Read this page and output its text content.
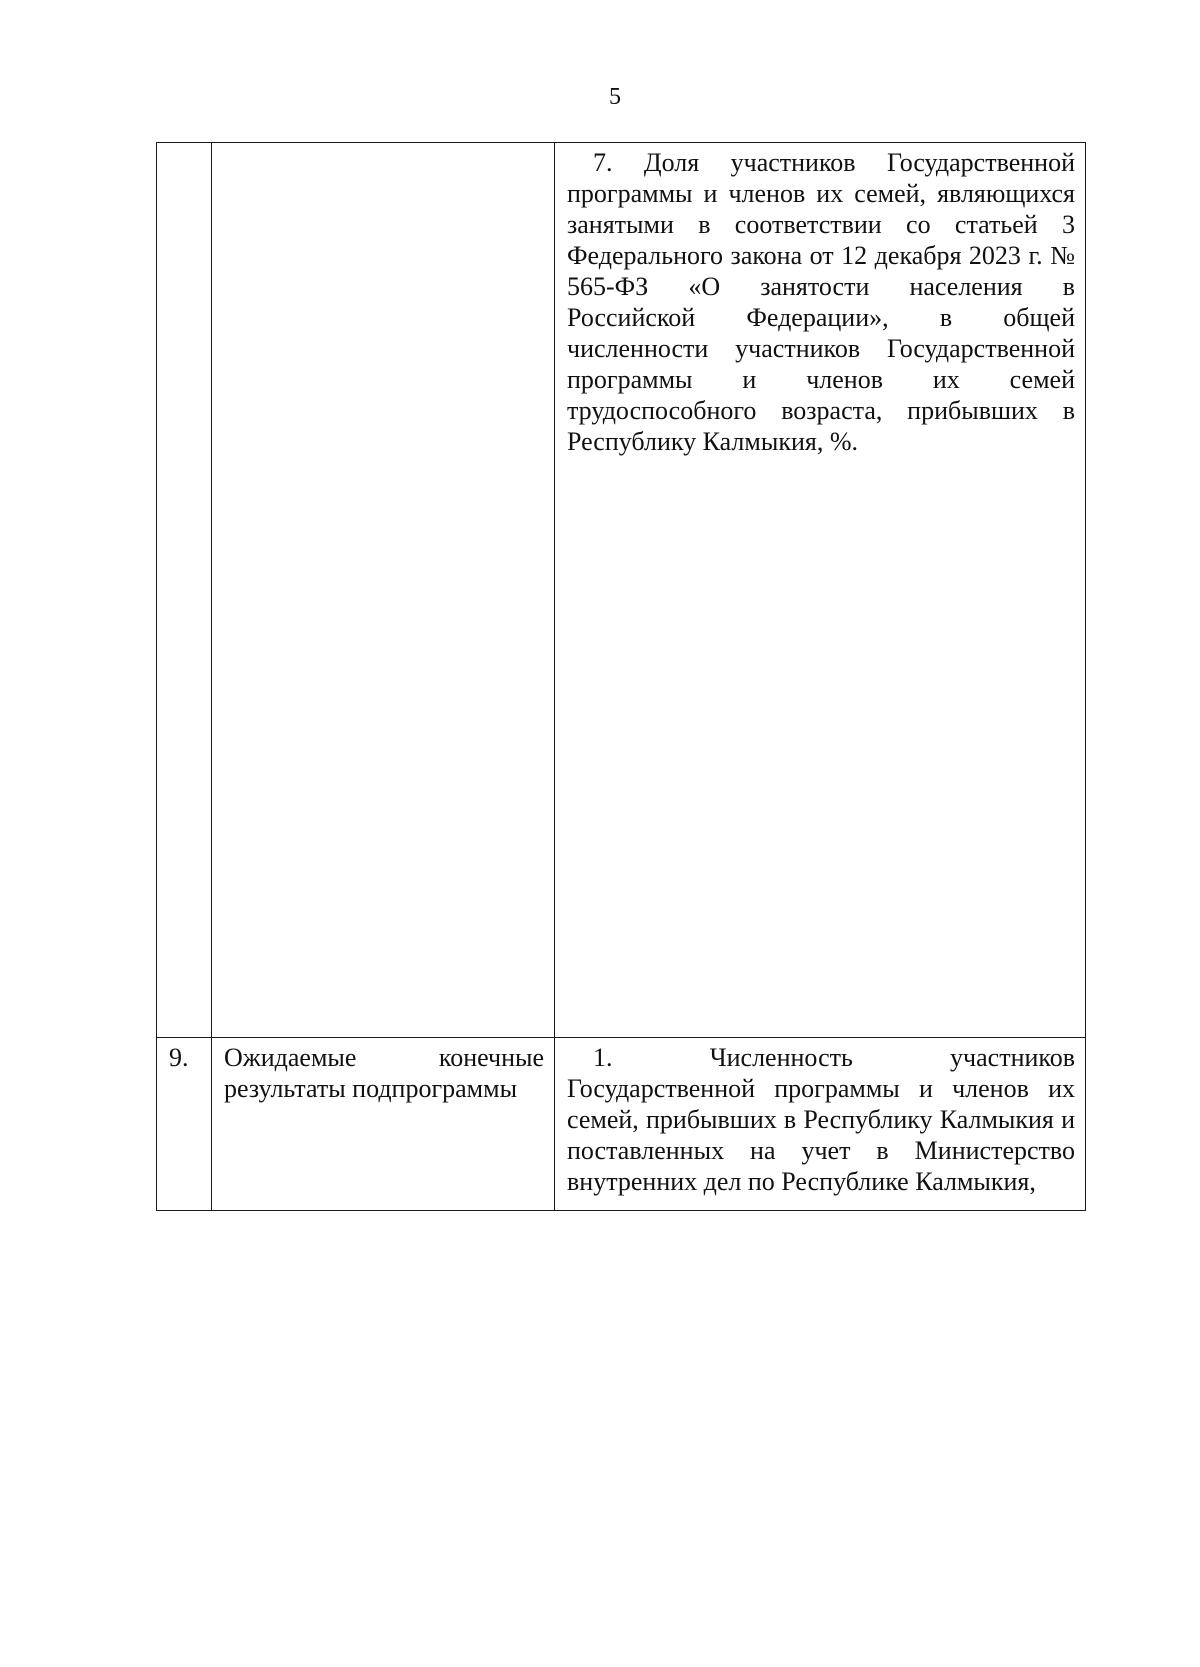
5
		7. Доля участников Государственной программы и членов их семей, являющихся занятыми в соответствии со статьей 3 Федерального закона от 12 декабря 2023 г. № 565-ФЗ «О занятости населения в Российской Федерации», в общей численности участников Государственной программы и членов их семей трудоспособного возраста, прибывших в Республику Калмыкия, %.
9.	Ожидаемые конечные результаты подпрограммы	1. Численность участников Государственной программы и членов их семей, прибывших в Республику Калмыкия и поставленных на учет в Министерство внутренних дел по Республике Калмыкия,
